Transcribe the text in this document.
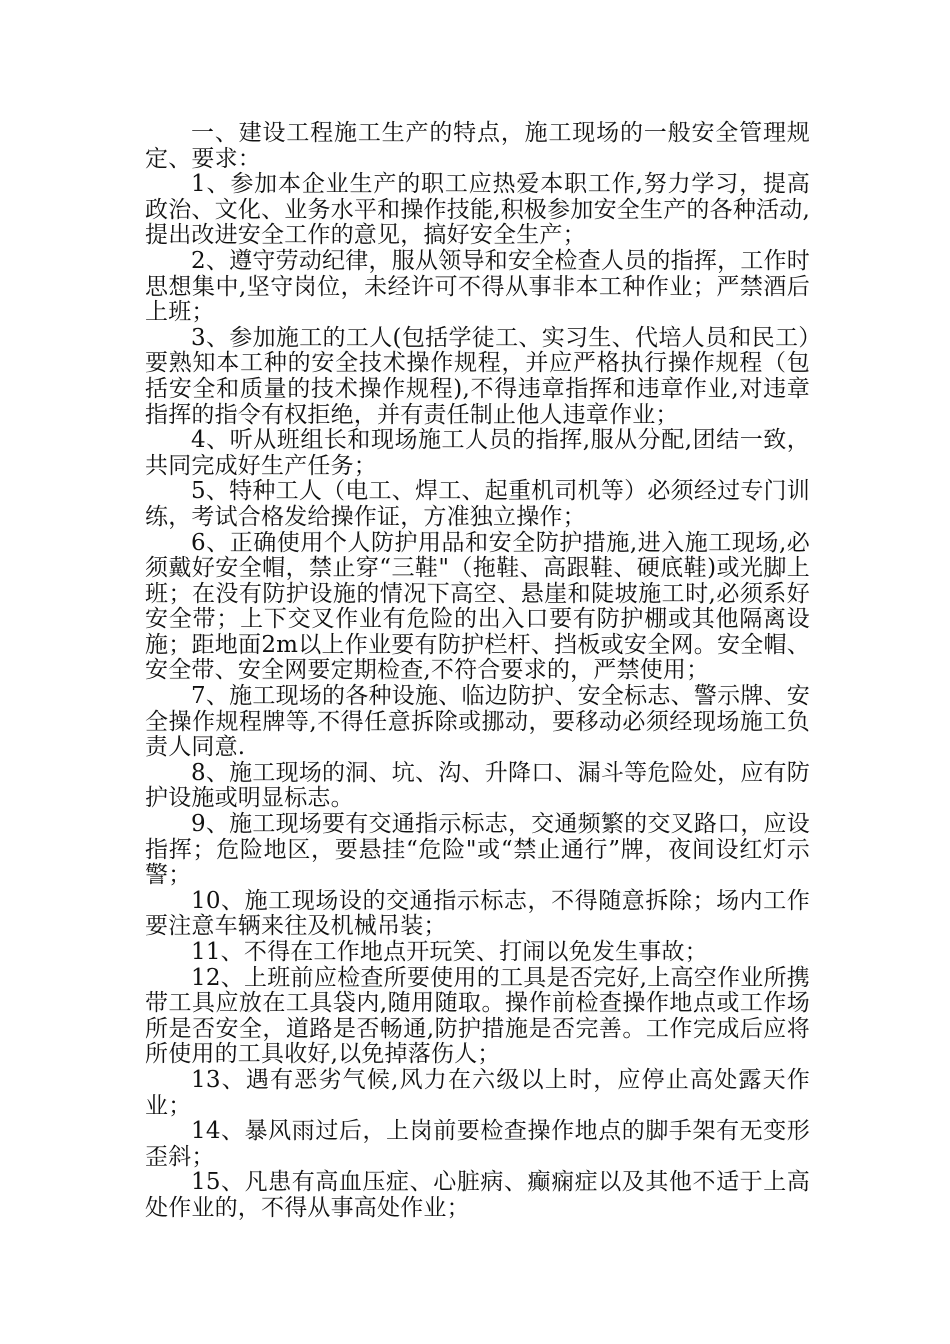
一、建设工程施工生产的特点，施工现场的一般安全管理规定、要求：

1、参加本企业生产的职工应热爱本职工作,努力学习，提高政治、文化、业务水平和操作技能,积极参加安全生产的各种活动,提出改进安全工作的意见，搞好安全生产；

2、遵守劳动纪律，服从领导和安全检查人员的指挥，工作时思想集中,坚守岗位，未经许可不得从事非本工种作业；严禁酒后上班；

3、参加施工的工人(包括学徒工、实习生、代培人员和民工）要熟知本工种的安全技术操作规程，并应严格执行操作规程（包括安全和质量的技术操作规程),不得违章指挥和违章作业,对违章指挥的指令有权拒绝，并有责任制止他人违章作业；

4、听从班组长和现场施工人员的指挥,服从分配,团结一致，共同完成好生产任务；

5、特种工人（电工、焊工、起重机司机等）必须经过专门训练，考试合格发给操作证，方准独立操作；

6、正确使用个人防护用品和安全防护措施,进入施工现场,必须戴好安全帽，禁止穿“三鞋"（拖鞋、高跟鞋、硬底鞋)或光脚上班；在没有防护设施的情况下高空、悬崖和陡坡施工时,必须系好安全带；上下交叉作业有危险的出入口要有防护棚或其他隔离设施；距地面2m以上作业要有防护栏杆、挡板或安全网。安全帽、安全带、安全网要定期检查,不符合要求的，严禁使用；

7、施工现场的各种设施、临边防护、安全标志、警示牌、安全操作规程牌等,不得任意拆除或挪动，要移动必须经现场施工负责人同意.

8、施工现场的洞、坑、沟、升降口、漏斗等危险处，应有防护设施或明显标志。

9、施工现场要有交通指示标志，交通频繁的交叉路口，应设指挥；危险地区，要悬挂“危险"或“禁止通行”牌，夜间设红灯示警；

10、施工现场设的交通指示标志，不得随意拆除；场内工作要注意车辆来往及机械吊装；

11、不得在工作地点开玩笑、打闹以免发生事故；

12、上班前应检查所要使用的工具是否完好,上高空作业所携带工具应放在工具袋内,随用随取。操作前检查操作地点或工作场所是否安全，道路是否畅通,防护措施是否完善。工作完成后应将所使用的工具收好,以免掉落伤人；

13、遇有恶劣气候,风力在六级以上时，应停止高处露天作业；

14、暴风雨过后，上岗前要检查操作地点的脚手架有无变形歪斜；

15、凡患有高血压症、心脏病、癫痫症以及其他不适于上高处作业的，不得从事高处作业；
